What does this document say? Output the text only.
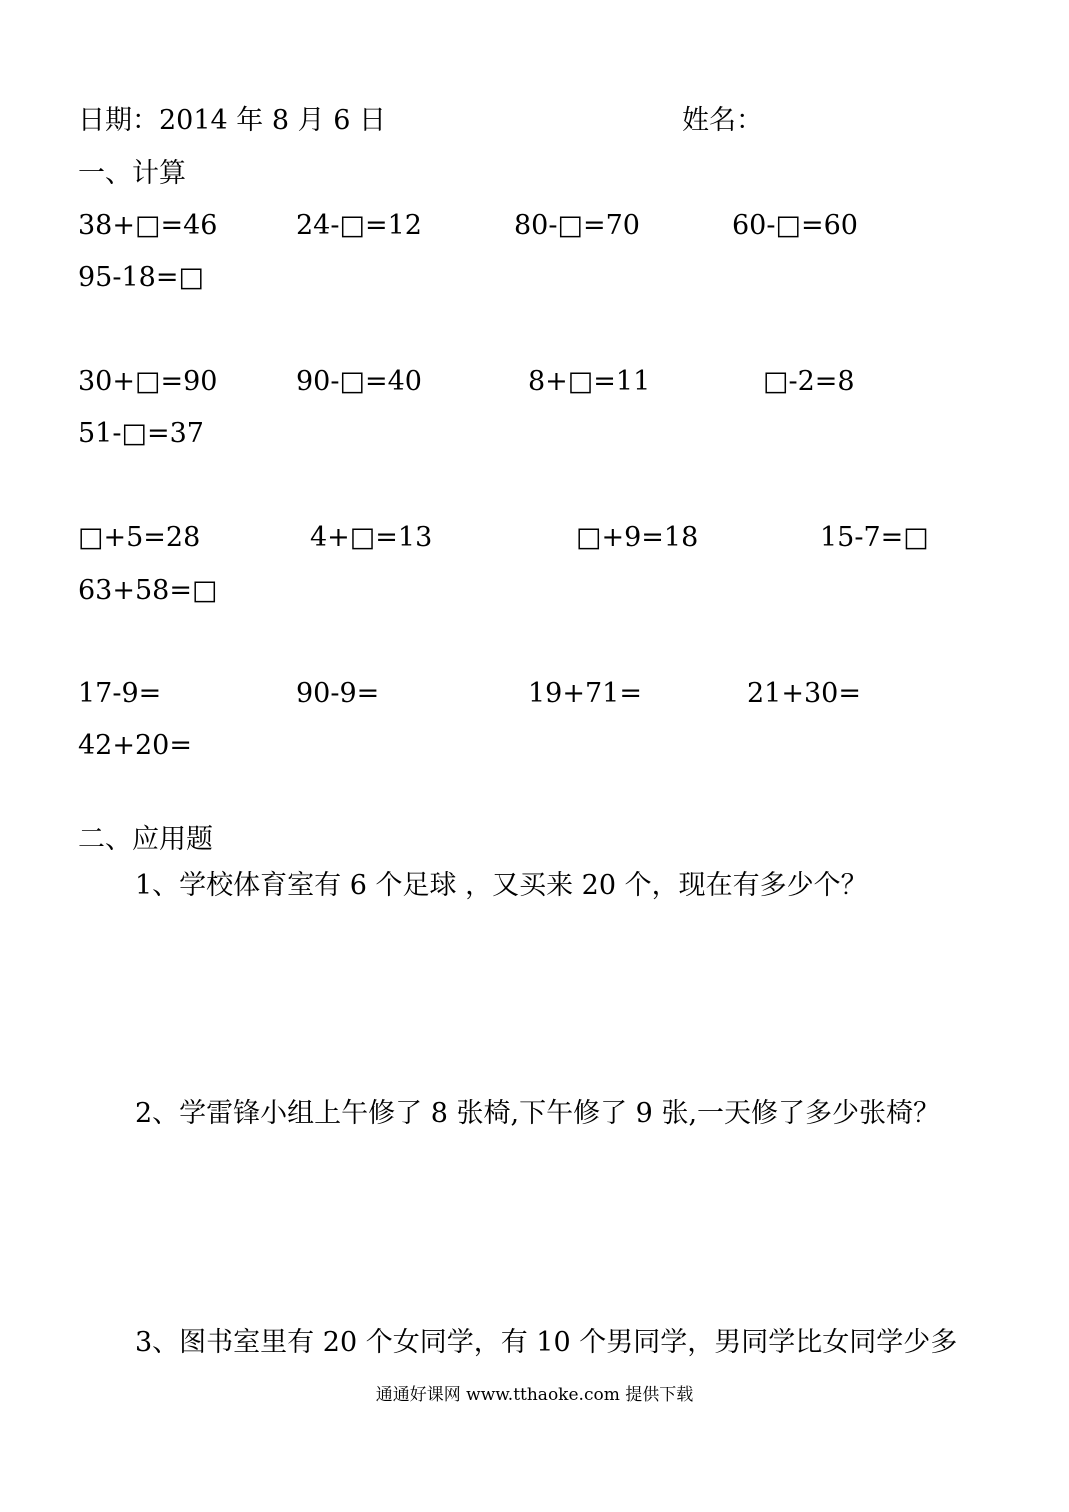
日期：2014 年 8 月 6 日	姓名：
一、计算
38+□=46	24-□=12	80-□=70	60-□=60
95-18=□
30+□=90	90-□=40	8+□=11	□-2=8
51-□=37
□+5=28	4+□=13	□+9=18	15-7=□
63+58=□
17-9=	90-9=	19+71=	21+30=
42+20=
二、应用题
1、学校体育室有 6 个足球 ，又买来 20 个，现在有多少个？
2、学雷锋小组上午修了 8 张椅,下午修了 9 张,一天修了多少张椅？
3、图书室里有 20 个女同学，有 10 个男同学，男同学比女同学少多
通通好课网 www.tthaoke.com 提供下载
